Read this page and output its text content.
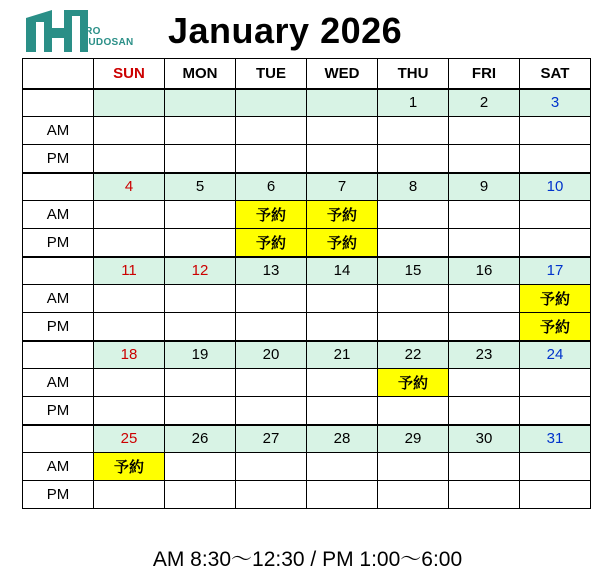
IRO
FUDOSAN January 2026
	SUN	MON	TUE	WED	THU	FRI	SAT
					1	2	3
AM							
PM							
	4	5	6	7	8	9	10
AM			予約	予約			
PM			予約	予約			
	11	12	13	14	15	16	17
AM							予約
PM							予約
	18	19	20	21	22	23	24
AM					予約		
PM							
	25	26	27	28	29	30	31
AM	予約						
PM							
AM 8:30～12:30 / PM 1:00～6:00
